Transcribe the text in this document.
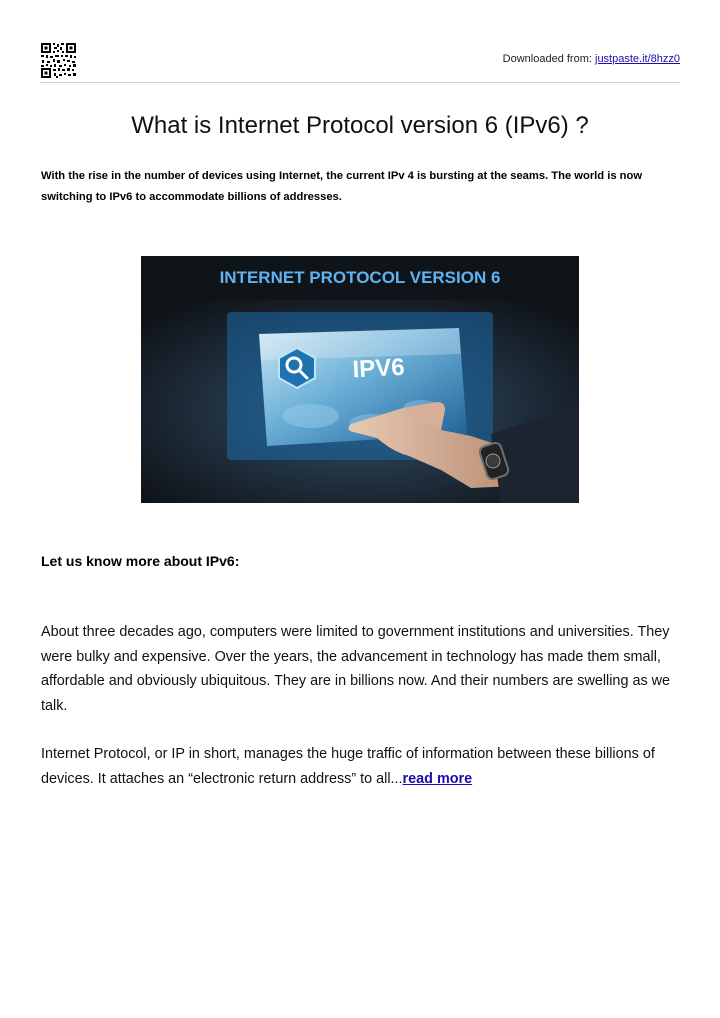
Downloaded from: justpaste.it/8hzz0
What is Internet Protocol version 6 (IPv6) ?

With the rise in the number of devices using Internet, the current IPv 4 is bursting at the seams. The world is now switching to IPv6 to accommodate billions of addresses.

INTERNET PROTOCOL VERSION 6
IPV6
Let us know more about IPv6:

About three decades ago, computers were limited to government institutions and universities. They were bulky and expensive. Over the years, the advancement in technology has made them small, affordable and obviously ubiquitous. They are in billions now. And their numbers are swelling as we talk.

Internet Protocol, or IP in short, manages the huge traffic of information between these billions of devices. It attaches an “electronic return address” to all...read more
